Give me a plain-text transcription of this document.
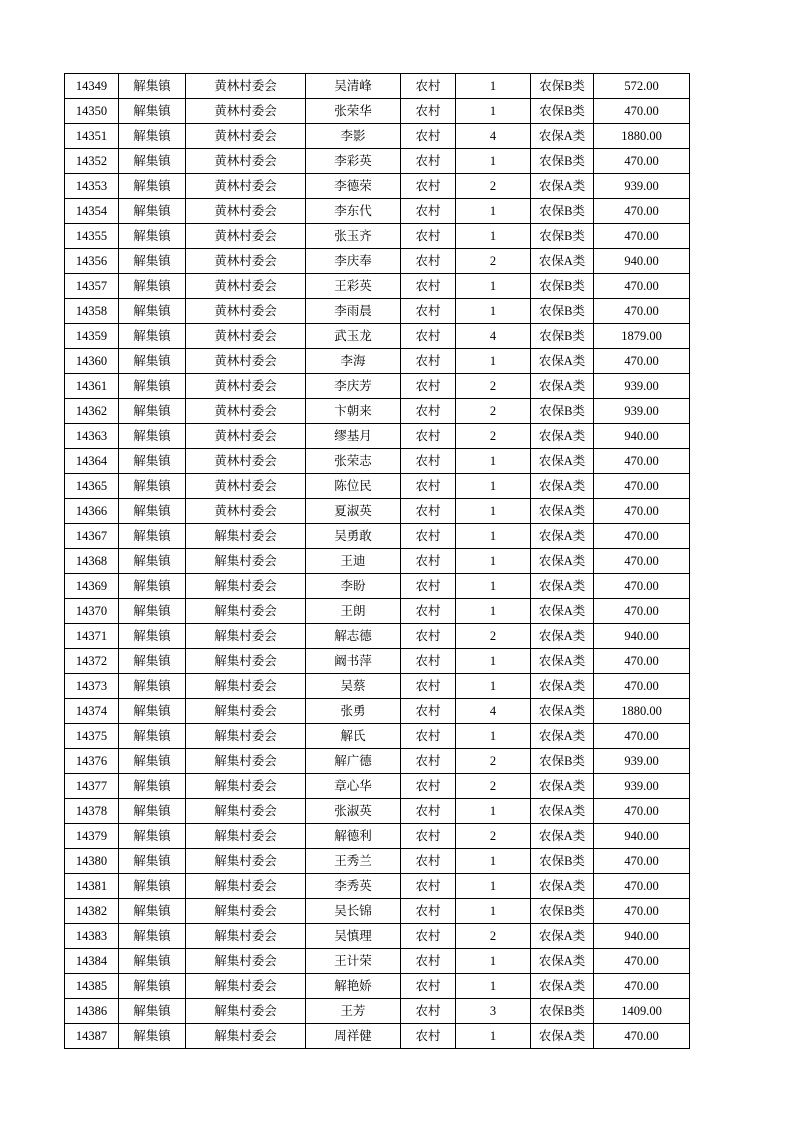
14349	解集镇	黄林村委会	吴清峰	农村	1	农保B类	572.00
14350	解集镇	黄林村委会	张荣华	农村	1	农保B类	470.00
14351	解集镇	黄林村委会	李影	农村	4	农保A类	1880.00
14352	解集镇	黄林村委会	李彩英	农村	1	农保B类	470.00
14353	解集镇	黄林村委会	李德荣	农村	2	农保A类	939.00
14354	解集镇	黄林村委会	李东代	农村	1	农保B类	470.00
14355	解集镇	黄林村委会	张玉齐	农村	1	农保B类	470.00
14356	解集镇	黄林村委会	李庆奉	农村	2	农保A类	940.00
14357	解集镇	黄林村委会	王彩英	农村	1	农保B类	470.00
14358	解集镇	黄林村委会	李雨晨	农村	1	农保B类	470.00
14359	解集镇	黄林村委会	武玉龙	农村	4	农保B类	1879.00
14360	解集镇	黄林村委会	李海	农村	1	农保A类	470.00
14361	解集镇	黄林村委会	李庆芳	农村	2	农保A类	939.00
14362	解集镇	黄林村委会	卞朝来	农村	2	农保B类	939.00
14363	解集镇	黄林村委会	缪基月	农村	2	农保A类	940.00
14364	解集镇	黄林村委会	张荣志	农村	1	农保A类	470.00
14365	解集镇	黄林村委会	陈位民	农村	1	农保A类	470.00
14366	解集镇	黄林村委会	夏淑英	农村	1	农保A类	470.00
14367	解集镇	解集村委会	吴勇敢	农村	1	农保A类	470.00
14368	解集镇	解集村委会	王迪	农村	1	农保A类	470.00
14369	解集镇	解集村委会	李盼	农村	1	农保A类	470.00
14370	解集镇	解集村委会	王朗	农村	1	农保A类	470.00
14371	解集镇	解集村委会	解志德	农村	2	农保A类	940.00
14372	解集镇	解集村委会	阚书萍	农村	1	农保A类	470.00
14373	解集镇	解集村委会	吴蔡	农村	1	农保A类	470.00
14374	解集镇	解集村委会	张勇	农村	4	农保A类	1880.00
14375	解集镇	解集村委会	解氏	农村	1	农保A类	470.00
14376	解集镇	解集村委会	解广德	农村	2	农保B类	939.00
14377	解集镇	解集村委会	章心华	农村	2	农保A类	939.00
14378	解集镇	解集村委会	张淑英	农村	1	农保A类	470.00
14379	解集镇	解集村委会	解德利	农村	2	农保A类	940.00
14380	解集镇	解集村委会	王秀兰	农村	1	农保B类	470.00
14381	解集镇	解集村委会	李秀英	农村	1	农保A类	470.00
14382	解集镇	解集村委会	吴长锦	农村	1	农保B类	470.00
14383	解集镇	解集村委会	吴慎理	农村	2	农保A类	940.00
14384	解集镇	解集村委会	王计荣	农村	1	农保A类	470.00
14385	解集镇	解集村委会	解艳娇	农村	1	农保A类	470.00
14386	解集镇	解集村委会	王芳	农村	3	农保B类	1409.00
14387	解集镇	解集村委会	周祥健	农村	1	农保A类	470.00
